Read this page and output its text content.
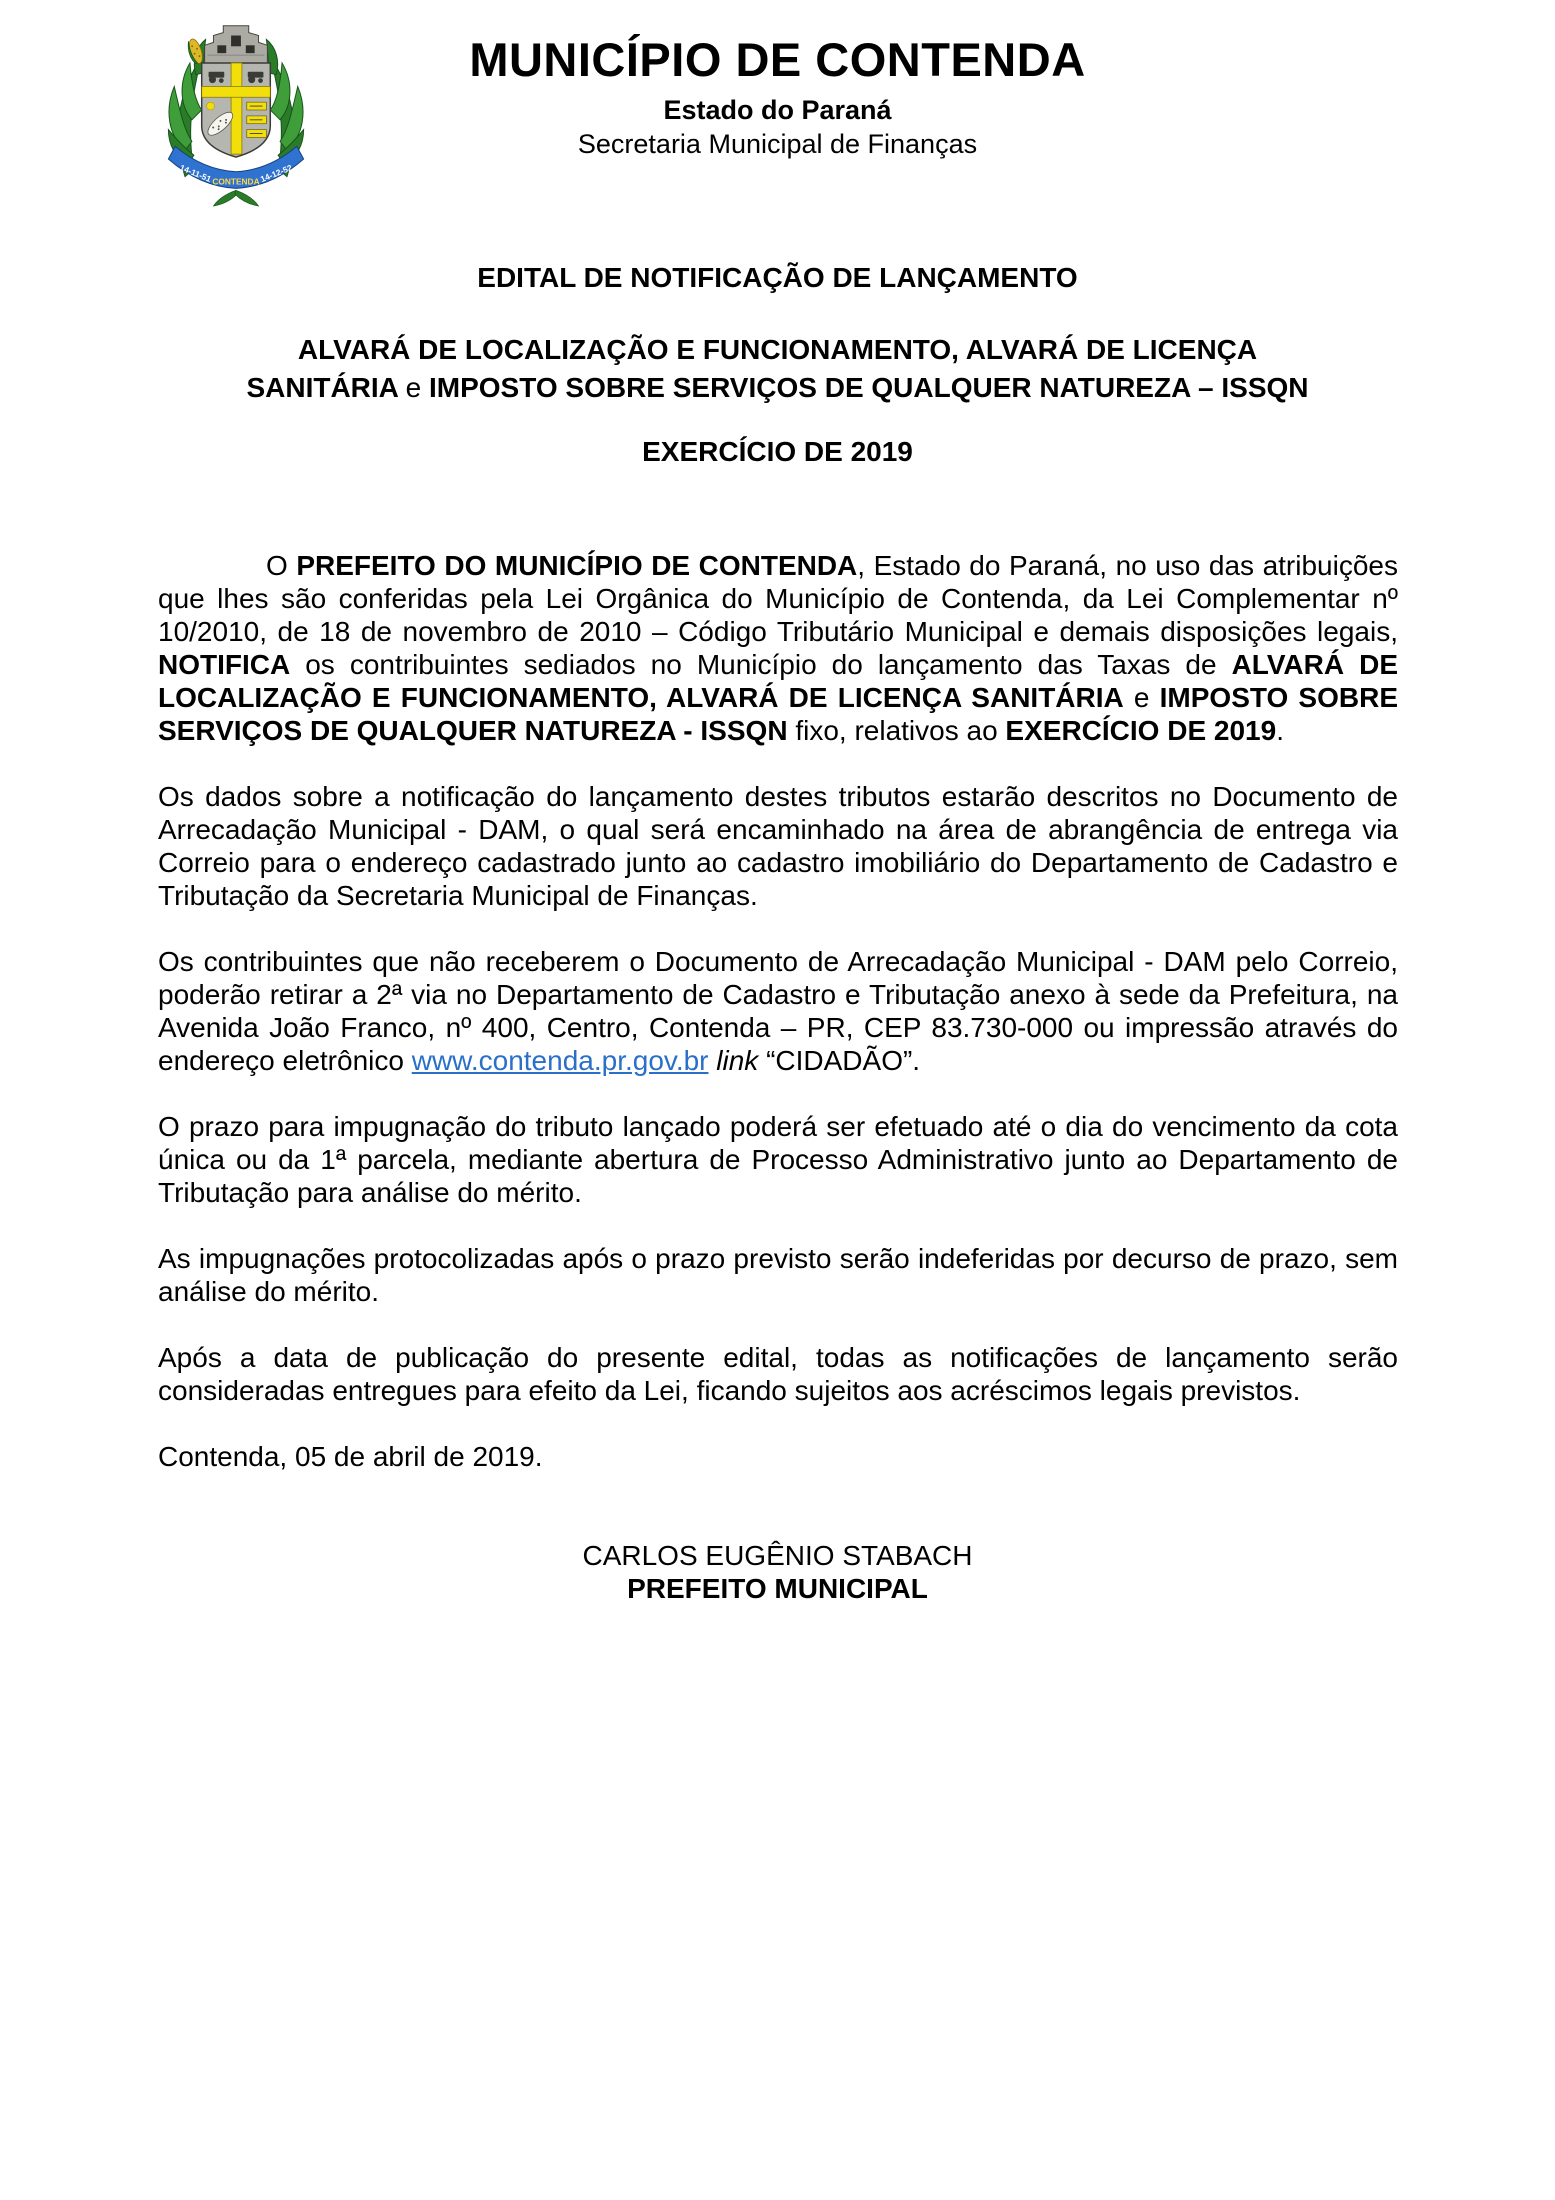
14-11-51 CONTENDA 14-12-52
MUNICÍPIO DE CONTENDA
Estado do Paraná
Secretaria Municipal de Finanças
EDITAL DE NOTIFICAÇÃO DE LANÇAMENTO
ALVARÁ DE LOCALIZAÇÃO E FUNCIONAMENTO, ALVARÁ DE LICENÇA
SANITÁRIA e IMPOSTO SOBRE SERVIÇOS DE QUALQUER NATUREZA – ISSQN
EXERCÍCIO DE 2019

O PREFEITO DO MUNICÍPIO DE CONTENDA, Estado do Paraná, no uso das atribuições que lhes são conferidas pela Lei Orgânica do Município de Contenda, da Lei Complementar nº 10/2010, de 18 de novembro de 2010 – Código Tributário Municipal e demais disposições legais, NOTIFICA os contribuintes sediados no Município do lançamento das Taxas de ALVARÁ DE LOCALIZAÇÃO E FUNCIONAMENTO, ALVARÁ DE LICENÇA SANITÁRIA e IMPOSTO SOBRE SERVIÇOS DE QUALQUER NATUREZA - ISSQN fixo, relativos ao EXERCÍCIO DE 2019.

Os dados sobre a notificação do lançamento destes tributos estarão descritos no Documento de Arrecadação Municipal - DAM, o qual será encaminhado na área de abrangência de entrega via Correio para o endereço cadastrado junto ao cadastro imobiliário do Departamento de Cadastro e Tributação da Secretaria Municipal de Finanças.

Os contribuintes que não receberem o Documento de Arrecadação Municipal - DAM pelo Correio, poderão retirar a 2ª via no Departamento de Cadastro e Tributação anexo à sede da Prefeitura, na Avenida João Franco, nº 400, Centro, Contenda – PR, CEP 83.730-000 ou impressão através do endereço eletrônico www.contenda.pr.gov.br link “CIDADÃO”.

O prazo para impugnação do tributo lançado poderá ser efetuado até o dia do vencimento da cota única ou da 1ª parcela, mediante abertura de Processo Administrativo junto ao Departamento de Tributação para análise do mérito.

As impugnações protocolizadas após o prazo previsto serão indeferidas por decurso de prazo, sem análise do mérito.

Após a data de publicação do presente edital, todas as notificações de lançamento serão consideradas entregues para efeito da Lei, ficando sujeitos aos acréscimos legais previstos.

Contenda, 05 de abril de 2019.

CARLOS EUGÊNIO STABACH
PREFEITO MUNICIPAL
